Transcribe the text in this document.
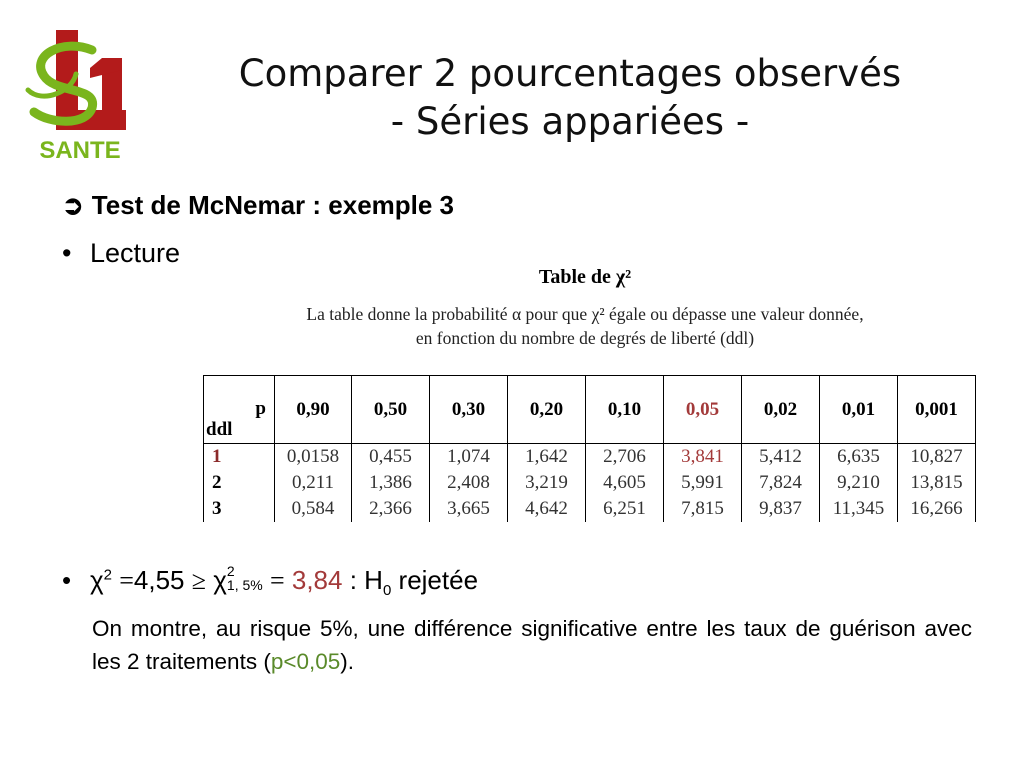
SANTE
Comparer 2 pourcentages observés
- Séries appariées -
➲ Test de McNemar : exemple 3
• Lecture
Table de χ²
La table donne la probabilité α pour que χ² égale ou dépasse une valeur donnée,
en fonction du nombre de degrés de liberté (ddl)
p
ddl	0,90	0,50	0,30	0,20	0,10	0,05	0,02	0,01	0,001
1	0,0158	0,455	1,074	1,642	2,706	3,841	5,412	6,635	10,827
2	0,211	1,386	2,408	3,219	4,605	5,991	7,824	9,210	13,815
3	0,584	2,366	3,665	4,642	6,251	7,815	9,837	11,345	16,266
• $\chi^2 =4,55 \ge \chi$ 2
1, 5% = 3,84 : $H_0$ rejetée
On montre, au risque 5%, une différence significative entre les taux de guérison avec les 2 traitements (p<0,05).
